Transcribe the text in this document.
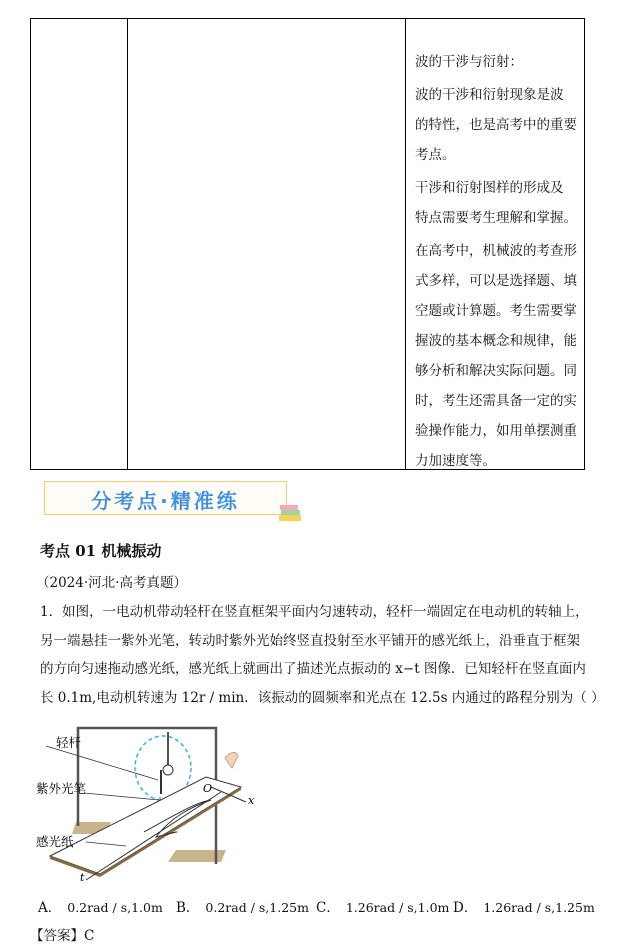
波的干涉与衍射：
波的干涉和衍射现象是波
的特性，也是高考中的重要
考点。
干涉和衍射图样的形成及
特点需要考生理解和掌握。
在高考中，机械波的考查形
式多样，可以是选择题、填
空题或计算题。考生需要掌
握波的基本概念和规律，能
够分析和解决实际问题。同
时，考生还需具备一定的实
验操作能力，如用单摆测重
力加速度等。
分考点·精准练
考点 01 机械振动
（2024·河北·高考真题）
1．如图，一电动机带动轻杆在竖直框架平面内匀速转动，轻杆一端固定在电动机的转轴上，
另一端悬挂一紫外光笔，转动时紫外光始终竖直投射至水平铺开的感光纸上，沿垂直于框架
的方向匀速拖动感光纸，感光纸上就画出了描述光点振动的 x−t 图像．已知轻杆在竖直面内
长 0.1m,电动机转速为 12r / min．该振动的圆频率和光点在 12.5s 内通过的路程分别为（ ）
轻杆
紫外光笔
感光纸
O
x
t
A． 0.2rad / s,1.0m B． 0.2rad / s,1.25m C． 1.26rad / s,1.0m D． 1.26rad / s,1.25m
【答案】C
